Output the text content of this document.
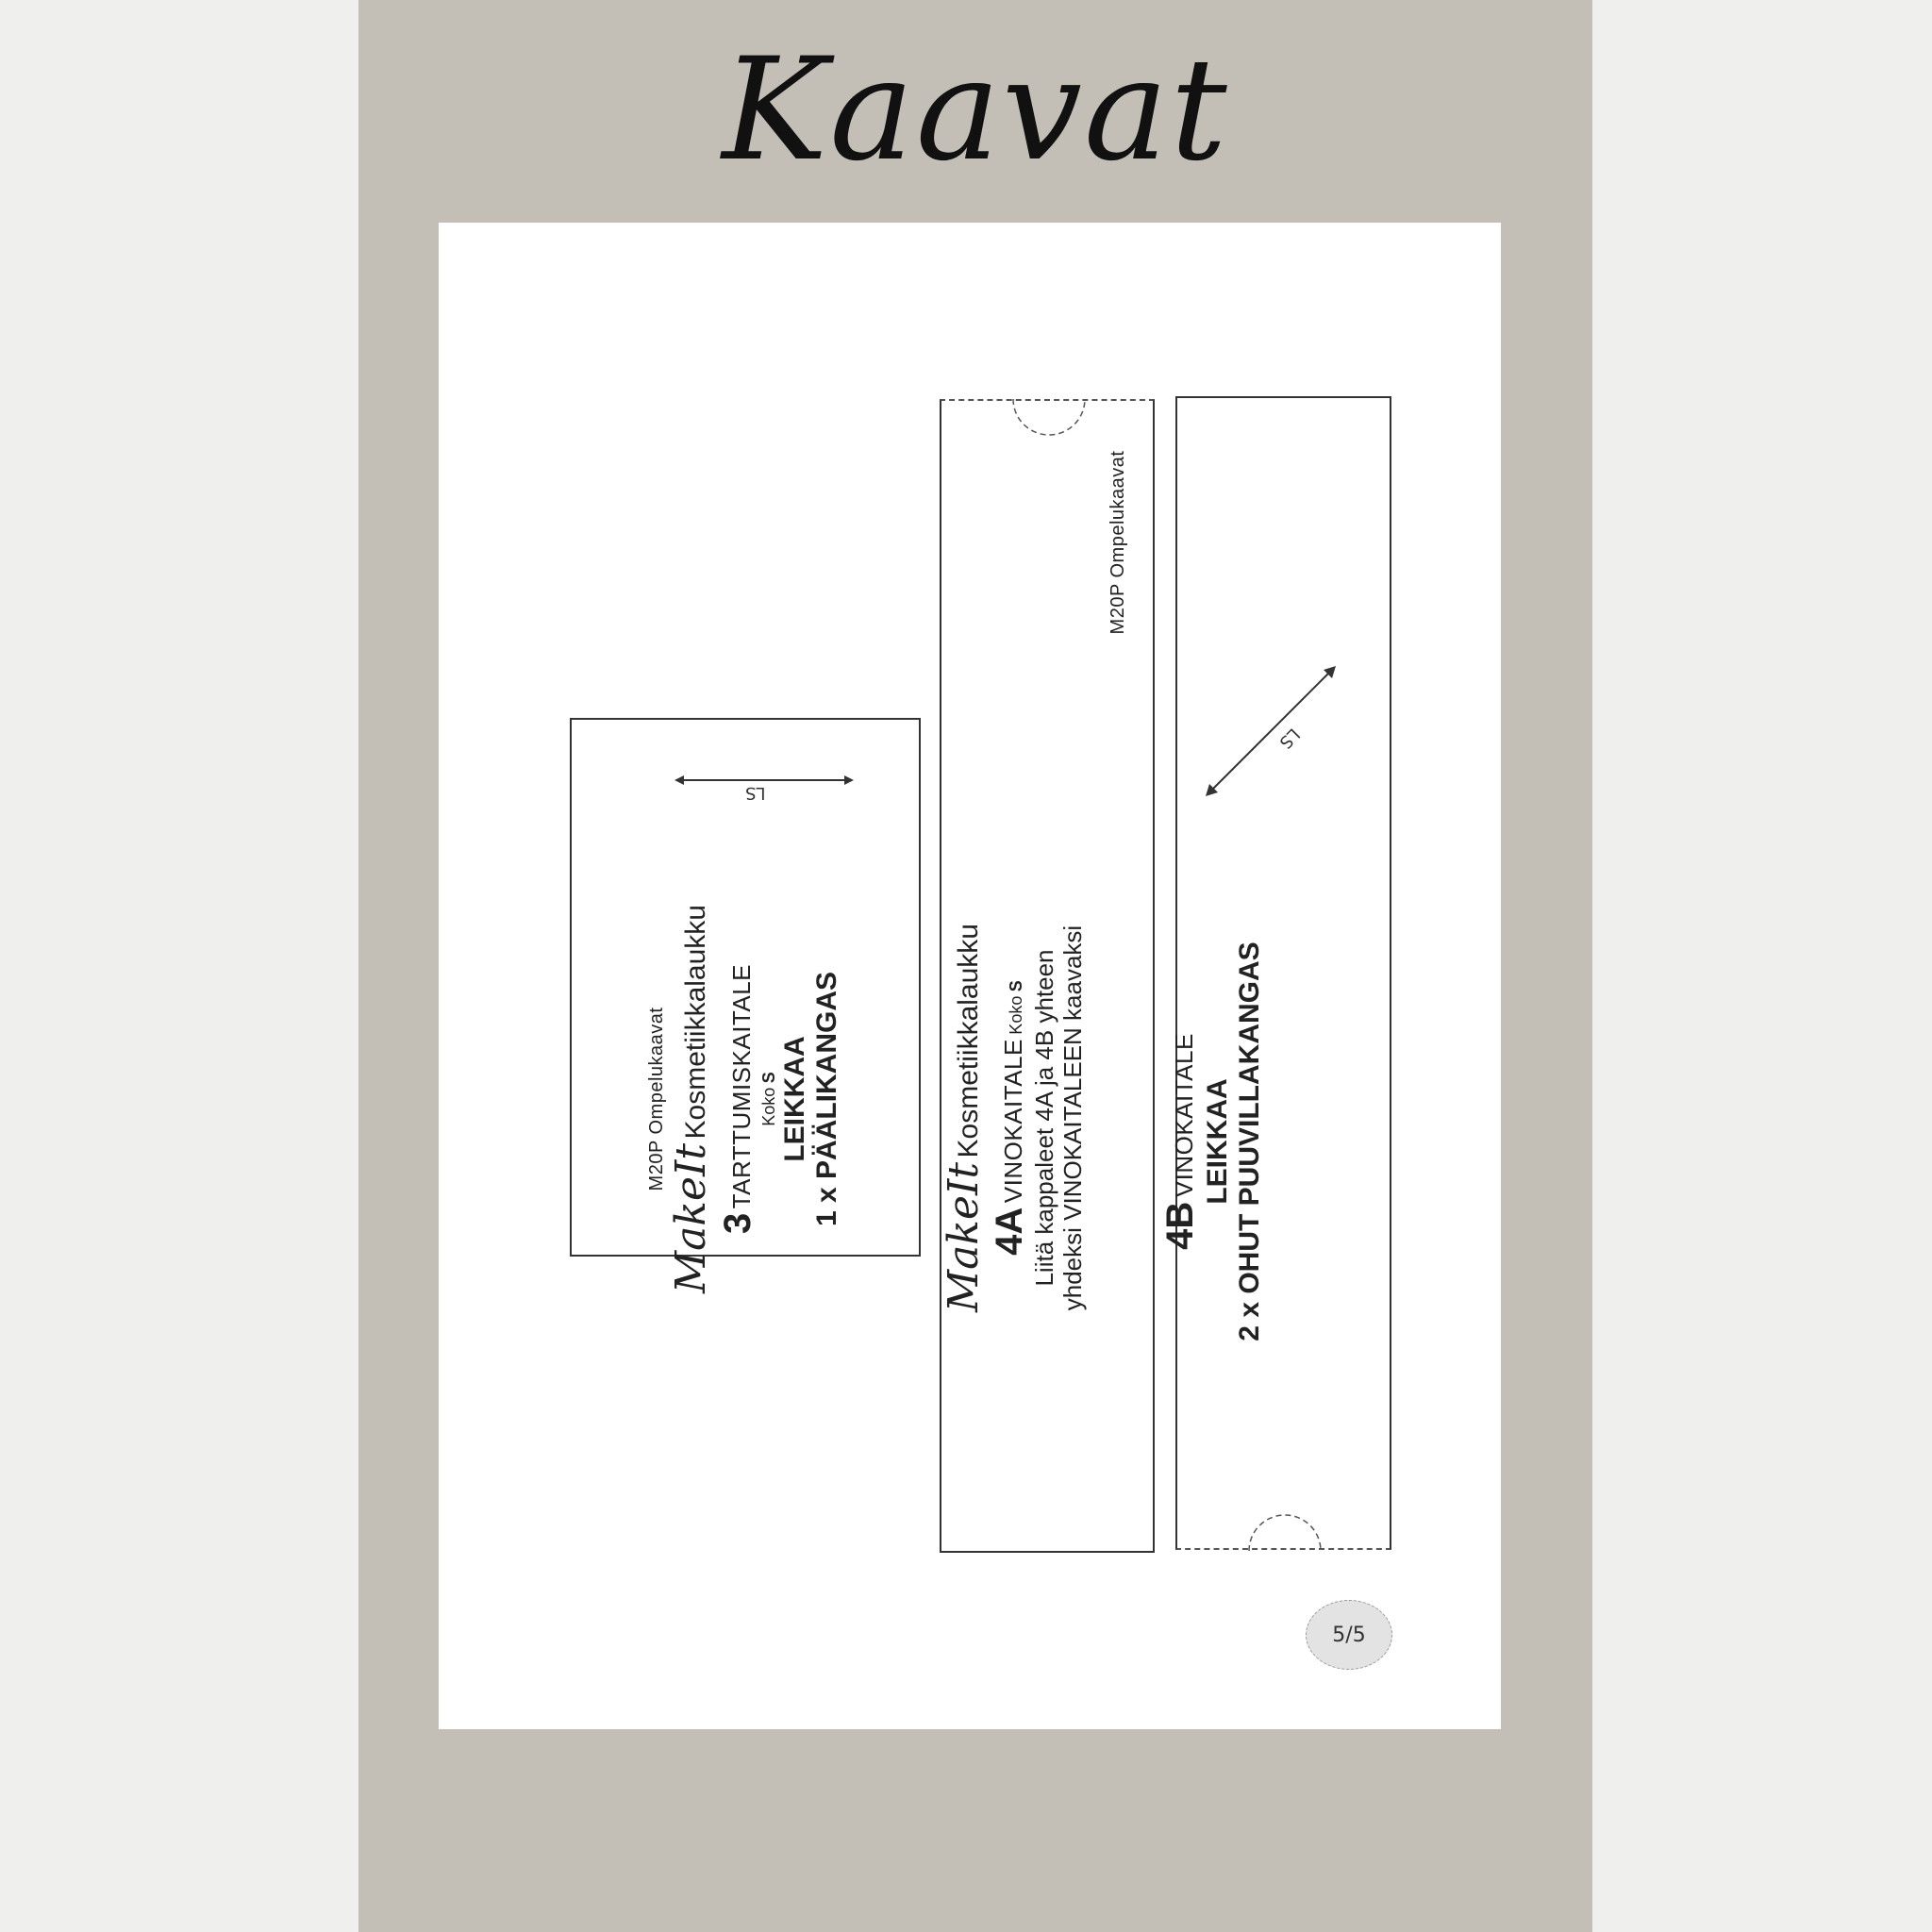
Kaavat
LS
M20P Ompelukaavat
MakeIt Kosmetiikkalaukku
3 TARTTUMISKAITALE Koko S LEIKKAA 1 x PÄÄLIKANGAS
M20P Ompelukaavat
MakeIt Kosmetiikkalaukku
4A VINOKAITALE Koko S Liitä kappaleet 4A ja 4B yhteen yhdeksi VINOKAITALEEN kaavaksi
LS
4B VINOKAITALE LEIKKAA 2 x OHUT PUUVILLAKANGAS
5/5
